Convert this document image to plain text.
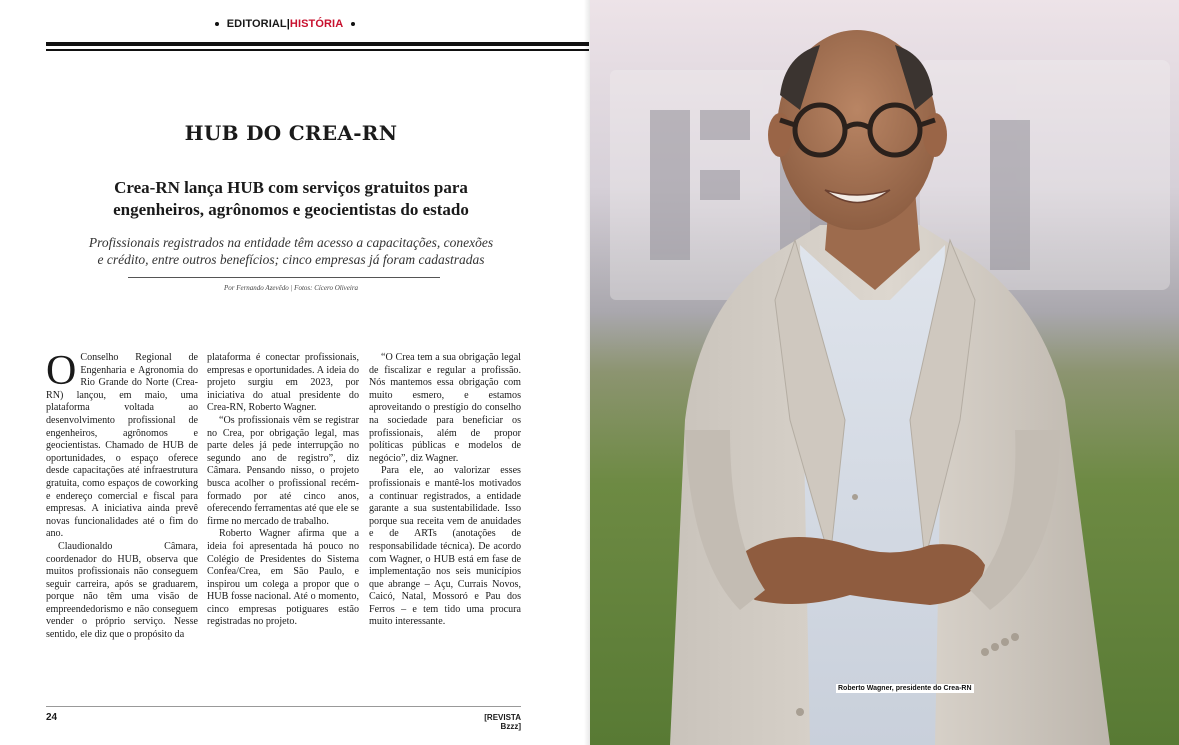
EDITORIAL|HISTÓRIA
HUB DO CREA-RN
Crea-RN lança HUB com serviços gratuitos para
engenheiros, agrônomos e geocientistas do estado
Profissionais registrados na entidade têm acesso a capacitações, conexões
e crédito, entre outros benefícios; cinco empresas já foram cadastradas
Por Fernando Azevêdo | Fotos: Cícero Oliveira

O Conselho Regional de Engenharia e Agronomia do Rio Grande do Norte (Crea-RN) lançou, em maio, uma plataforma voltada ao desenvolvimento profissional de engenheiros, agrônomos e geocientistas. Chamado de HUB de oportunidades, o espaço oferece desde capacitações até infraestrutura gratuita, como espaços de coworking e endereço comercial e fiscal para empresas. A iniciativa ainda prevê novas funcionalidades até o fim do ano.

Claudionaldo Câmara, coordenador do HUB, observa que muitos profissionais não conseguem seguir carreira, após se graduarem, porque não têm uma visão de empreendedorismo e não conseguem vender o próprio serviço. Nesse sentido, ele diz que o propósito da

plataforma é conectar profissionais, empresas e oportunidades. A ideia do projeto surgiu em 2023, por iniciativa do atual presidente do Crea-RN, Roberto Wagner.

“Os profissionais vêm se registrar no Crea, por obrigação legal, mas parte deles já pede interrupção no segundo ano de registro”, diz Câmara. Pensando nisso, o projeto busca acolher o profissional recém-formado por até cinco anos, oferecendo ferramentas até que ele se firme no mercado de trabalho.

Roberto Wagner afirma que a ideia foi apresentada há pouco no Colégio de Presidentes do Sistema Confea/Crea, em São Paulo, e inspirou um colega a propor que o HUB fosse nacional. Até o momento, cinco empresas potiguares estão registradas no projeto.

“O Crea tem a sua obrigação legal de fiscalizar e regular a profissão. Nós mantemos essa obrigação com muito esmero, e estamos aproveitando o prestígio do conselho na sociedade para beneficiar os profissionais, além de propor políticas públicas e modelos de negócio”, diz Wagner.

Para ele, ao valorizar esses profissionais e mantê-los motivados a continuar registrados, a entidade garante a sua sustentabilidade. Isso porque sua receita vem de anuidades e de ARTs (anotações de responsabilidade técnica). De acordo com Wagner, o HUB está em fase de implementação nos seis municípios que abrange – Açu, Currais Novos, Caicó, Natal, Mossoró e Pau dos Ferros – e tem tido uma procura muito interessante.

24	[REVISTA Bzzz]
Roberto Wagner, presidente do Crea-RN
